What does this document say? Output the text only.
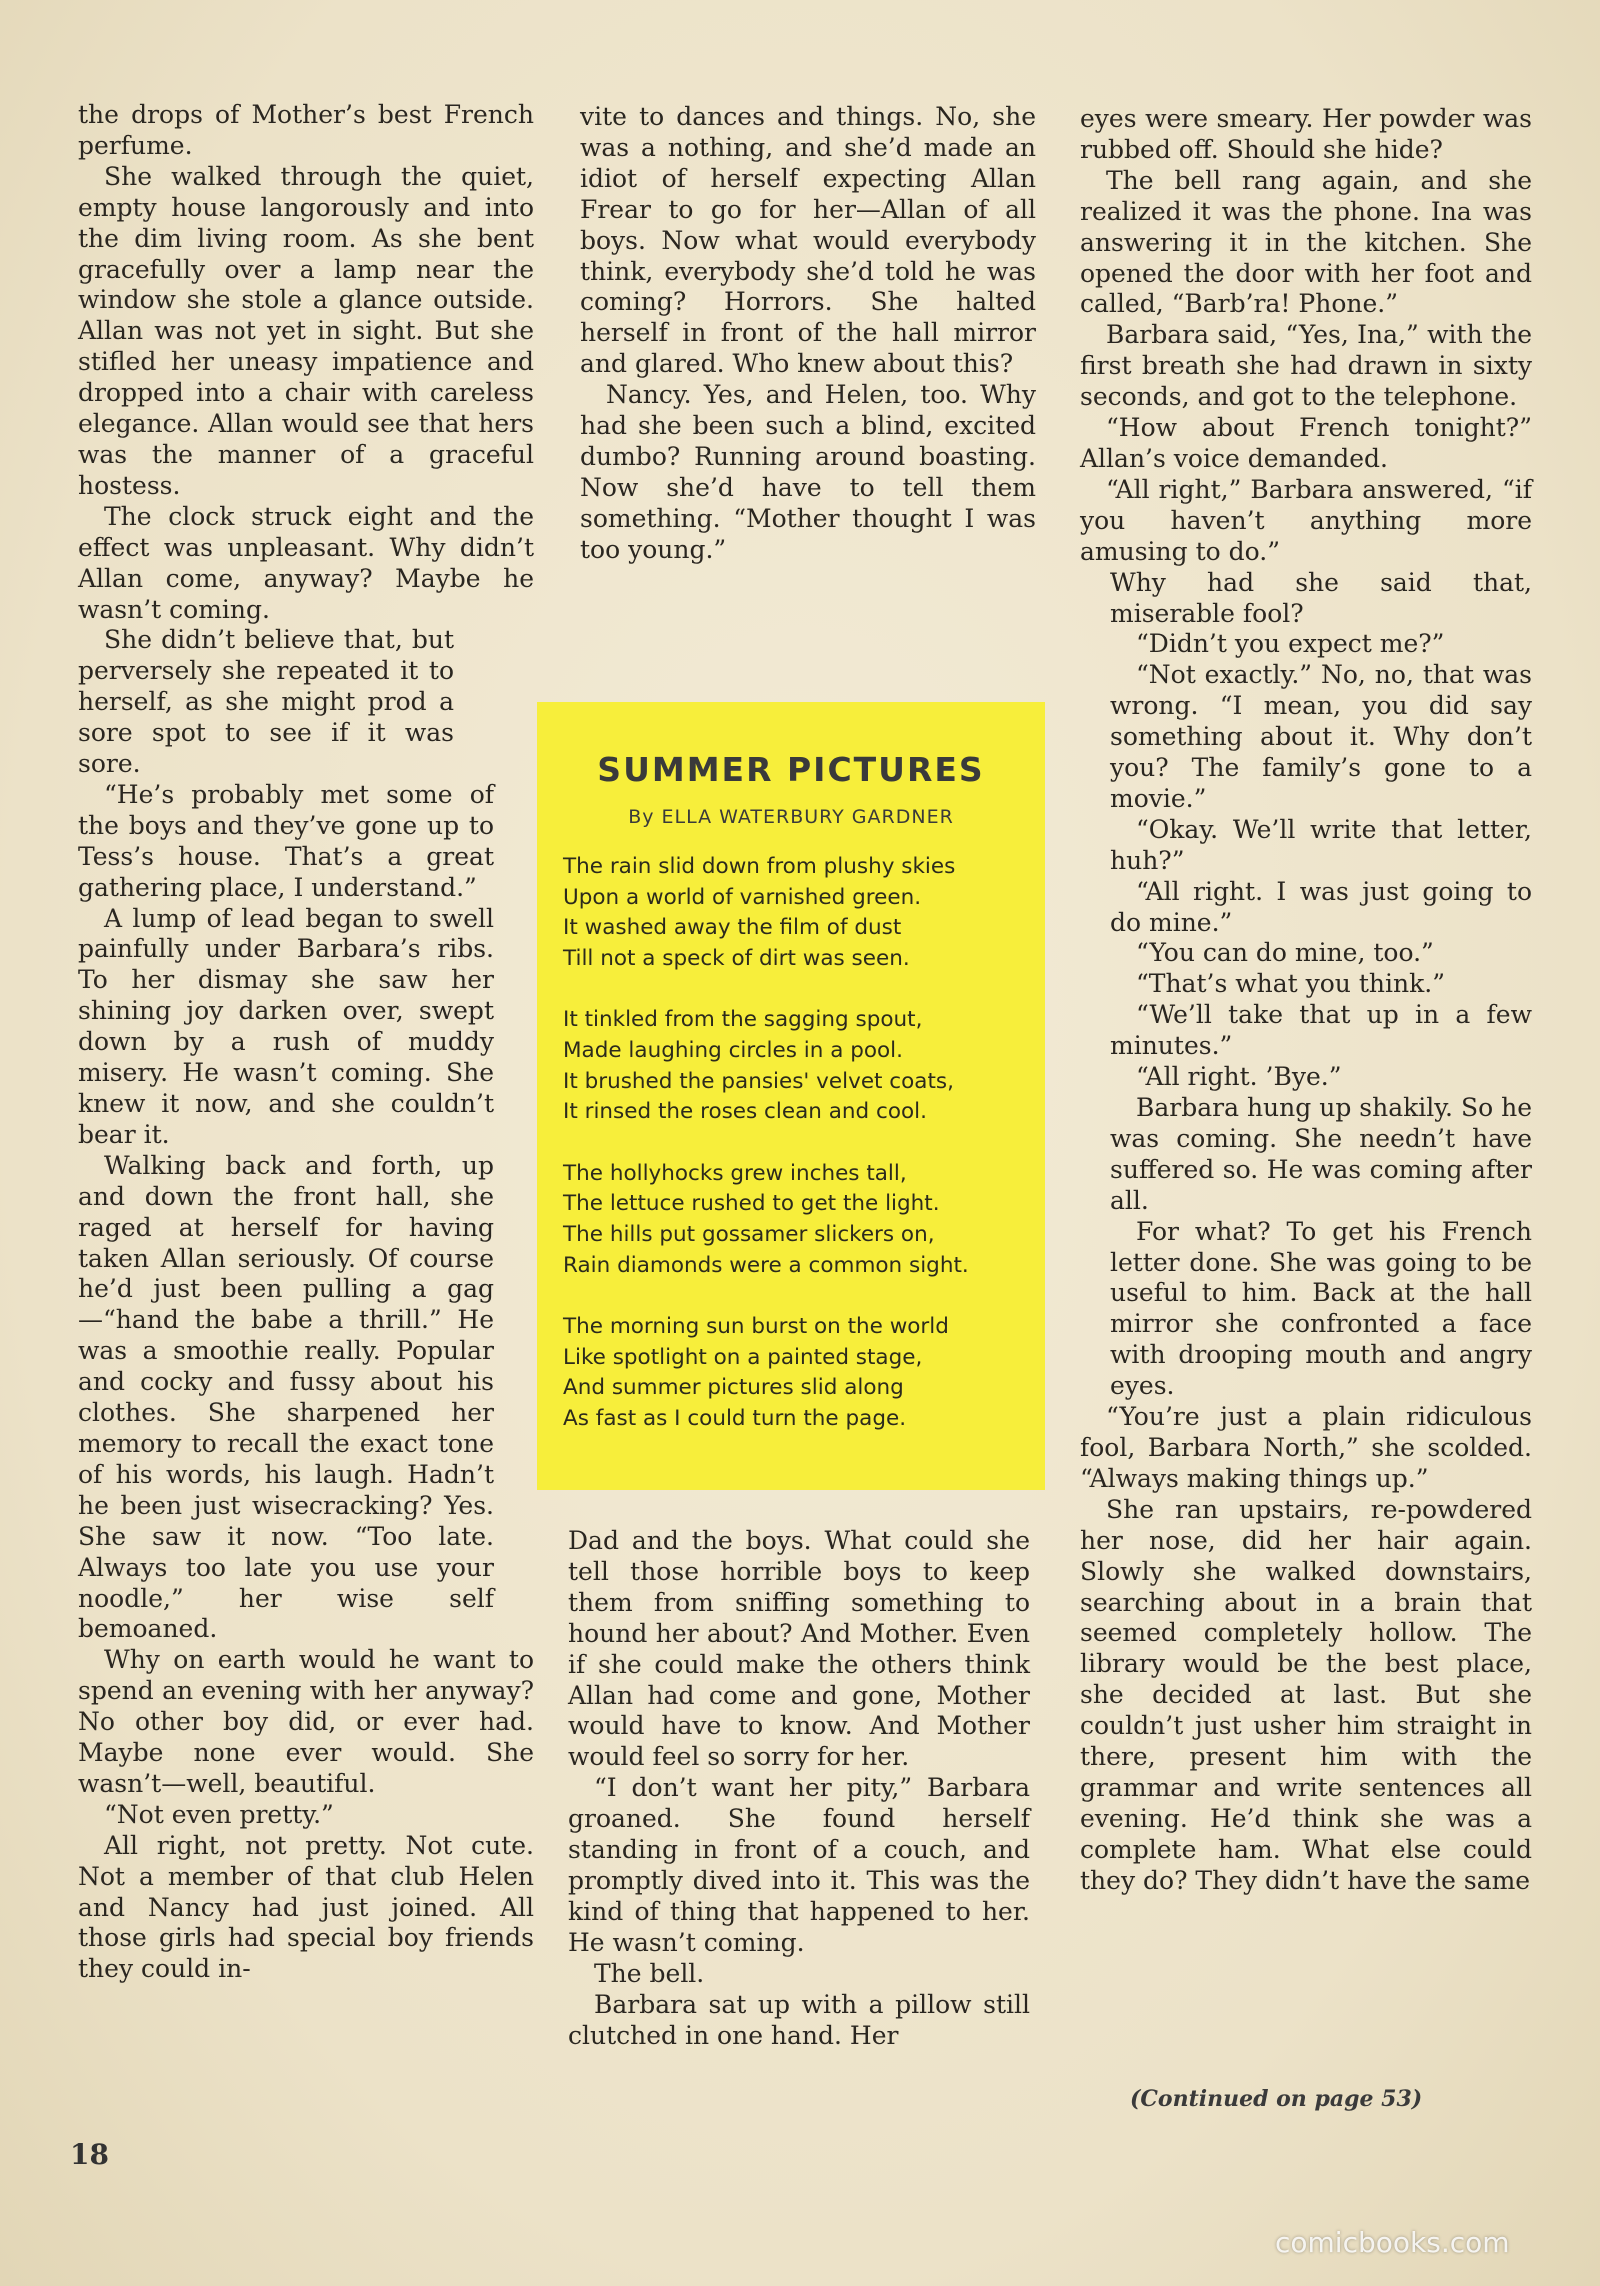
the drops of Mother’s best French perfume.

She walked through the quiet, empty house langorously and into the dim living room. As she bent gracefully over a lamp near the window she stole a glance outside. Allan was not yet in sight. But she stifled her uneasy impatience and dropped into a chair with careless elegance. Allan would see that hers was the manner of a graceful hostess.

The clock struck eight and the effect was unpleasant. Why didn’t Allan come, anyway? Maybe he wasn’t coming.

She didn’t believe that, but perversely she repeated it to herself, as she might prod a sore spot to see if it was sore.

“He’s probably met some of the boys and they’ve gone up to Tess’s house. That’s a great gathering place, I understand.”

A lump of lead began to swell painfully under Barbara’s ribs. To her dismay she saw her shining joy darken over, swept down by a rush of muddy misery. He wasn’t coming. She knew it now, and she couldn’t bear it.

Walking back and forth, up and down the front hall, she raged at herself for having taken Allan seriously. Of course he’d just been pulling a gag—“hand the babe a thrill.” He was a smoothie really. Popular and cocky and fussy about his clothes. She sharpened her memory to recall the exact tone of his words, his laugh. Hadn’t he been just wisecracking? Yes. She saw it now. “Too late. Always too late you use your noodle,” her wise self bemoaned.

Why on earth would he want to spend an evening with her anyway? No other boy did, or ever had. Maybe none ever would. She wasn’t—well, beautiful.

“Not even pretty.”

All right, not pretty. Not cute. Not a member of that club Helen and Nancy had just joined. All those girls had special boy friends they could in-

vite to dances and things. No, she was a nothing, and she’d made an idiot of herself expecting Allan Frear to go for her—Allan of all boys. Now what would everybody think, everybody she’d told he was coming? Horrors. She halted herself in front of the hall mirror and glared. Who knew about this?

Nancy. Yes, and Helen, too. Why had she been such a blind, excited dumbo? Running around boasting. Now she’d have to tell them something. “Mother thought I was too young.”

SUMMER PICTURES
By ELLA WATERBURY GARDNER
The rain slid down from plushy skies
Upon a world of varnished green.
It washed away the film of dust
Till not a speck of dirt was seen.
It tinkled from the sagging spout,
Made laughing circles in a pool.
It brushed the pansies' velvet coats,
It rinsed the roses clean and cool.
The hollyhocks grew inches tall,
The lettuce rushed to get the light.
The hills put gossamer slickers on,
Rain diamonds were a common sight.
The morning sun burst on the world
Like spotlight on a painted stage,
And summer pictures slid along
As fast as I could turn the page.

Dad and the boys. What could she tell those horrible boys to keep them from sniffing something to hound her about? And Mother. Even if she could make the others think Allan had come and gone, Mother would have to know. And Mother would feel so sorry for her.

“I don’t want her pity,” Barbara groaned. She found herself standing in front of a couch, and promptly dived into it. This was the kind of thing that happened to her. He wasn’t coming.

The bell.

Barbara sat up with a pillow still clutched in one hand. Her

eyes were smeary. Her powder was rubbed off. Should she hide?

The bell rang again, and she realized it was the phone. Ina was answering it in the kitchen. She opened the door with her foot and called, “Barb’ra! Phone.”

Barbara said, “Yes, Ina,” with the first breath she had drawn in sixty seconds, and got to the telephone.

“How about French tonight?” Allan’s voice demanded.

“All right,” Barbara answered, “if you haven’t anything more amusing to do.”

Why had she said that, miserable fool?

“Didn’t you expect me?”

“Not exactly.” No, no, that was wrong. “I mean, you did say something about it. Why don’t you? The family’s gone to a movie.”

“Okay. We’ll write that letter, huh?”

“All right. I was just going to do mine.”

“You can do mine, too.”

“That’s what you think.”

“We’ll take that up in a few minutes.”

“All right. ’Bye.”

Barbara hung up shakily. So he was coming. She needn’t have suffered so. He was coming after all.

For what? To get his French letter done. She was going to be useful to him. Back at the hall mirror she confronted a face with drooping mouth and angry eyes.

“You’re just a plain ridiculous fool, Barbara North,” she scolded. “Always making things up.”

She ran upstairs, re-powdered her nose, did her hair again. Slowly she walked downstairs, searching about in a brain that seemed completely hollow. The library would be the best place, she decided at last. But she couldn’t just usher him straight in there, present him with the grammar and write sentences all evening. He’d think she was a complete ham. What else could they do? They didn’t have the same

(Continued on page 53)
18
comicbooks.com
